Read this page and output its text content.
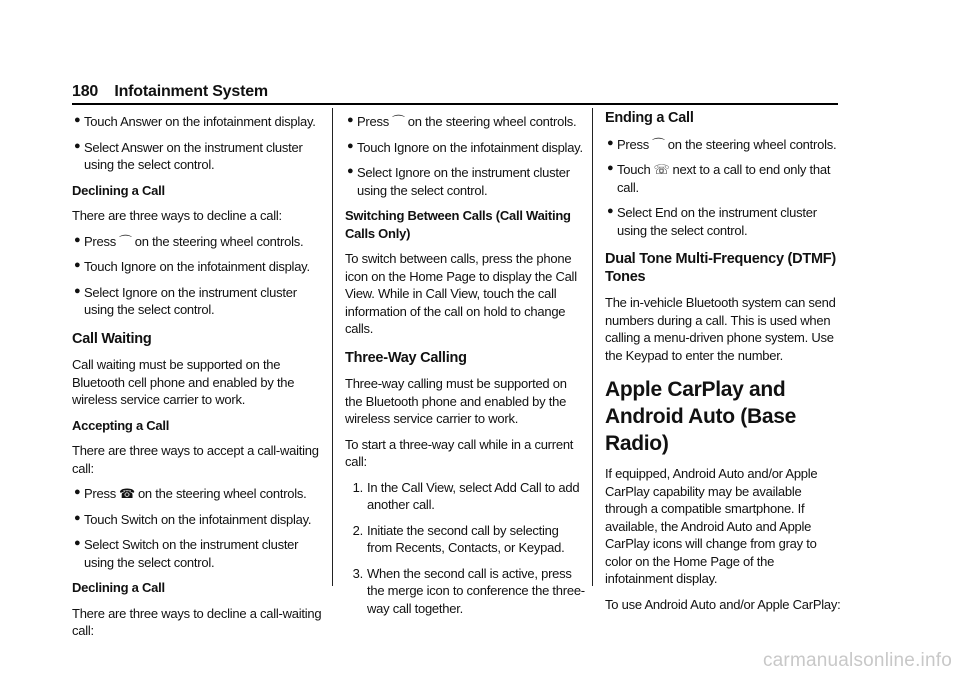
180 Infotainment System
● Touch Answer on the infotainment display.
● Select Answer on the instrument cluster using the select control.
Declining a Call
There are three ways to decline a call:
● Press ⌒ on the steering wheel controls.
● Touch Ignore on the infotainment display.
● Select Ignore on the instrument cluster using the select control.
Call Waiting
Call waiting must be supported on the Bluetooth cell phone and enabled by the wireless service carrier to work.
Accepting a Call
There are three ways to accept a call-waiting call:
● Press ☎ on the steering wheel controls.
● Touch Switch on the infotainment display.
● Select Switch on the instrument cluster using the select control.
Declining a Call
There are three ways to decline a call-waiting call:
● Press ⌒ on the steering wheel controls.
● Touch Ignore on the infotainment display.
● Select Ignore on the instrument cluster using the select control.
Switching Between Calls (Call Waiting Calls Only)
To switch between calls, press the phone icon on the Home Page to display the Call View. While in Call View, touch the call information of the call on hold to change calls.
Three-Way Calling
Three-way calling must be supported on the Bluetooth phone and enabled by the wireless service carrier to work.
To start a three-way call while in a current call:
1. In the Call View, select Add Call to add another call.
2. Initiate the second call by selecting from Recents, Contacts, or Keypad.
3. When the second call is active, press the merge icon to conference the three-way call together.
Ending a Call
● Press ⌒ on the steering wheel controls.
● Touch ☏ next to a call to end only that call.
● Select End on the instrument cluster using the select control.
Dual Tone Multi-Frequency (DTMF) Tones
The in-vehicle Bluetooth system can send numbers during a call. This is used when calling a menu-driven phone system. Use the Keypad to enter the number.
Apple CarPlay and Android Auto (Base Radio)
If equipped, Android Auto and/or Apple CarPlay capability may be available through a compatible smartphone. If available, the Android Auto and Apple CarPlay icons will change from gray to color on the Home Page of the infotainment display.
To use Android Auto and/or Apple CarPlay:
carmanualsonline.info
